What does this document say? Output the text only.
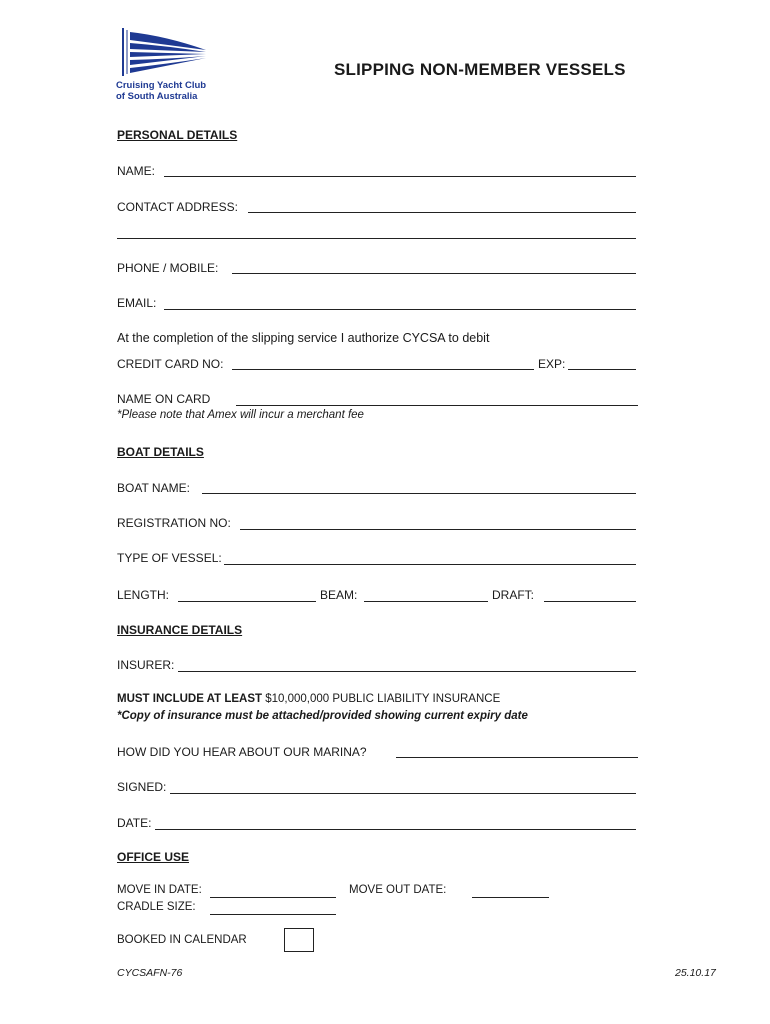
Cruising Yacht Club
of South Australia
SLIPPING NON-MEMBER VESSELS
PERSONAL DETAILS
NAME:
CONTACT ADDRESS:
PHONE / MOBILE:
EMAIL:
At the completion of the slipping service I authorize CYCSA to debit
CREDIT CARD NO:	EXP:
NAME ON CARD
*Please note that Amex will incur a merchant fee
BOAT DETAILS
BOAT NAME:
REGISTRATION NO:
TYPE OF VESSEL:
LENGTH:	BEAM:	DRAFT:
INSURANCE DETAILS
INSURER:
MUST INCLUDE AT LEAST $10,000,000 PUBLIC LIABILITY INSURANCE
*Copy of insurance must be attached/provided showing current expiry date
HOW DID YOU HEAR ABOUT OUR MARINA?
SIGNED:
DATE:
OFFICE USE
MOVE IN DATE:	MOVE OUT DATE:
CRADLE SIZE:
BOOKED IN CALENDAR
CYCSAFN-76	25.10.17
